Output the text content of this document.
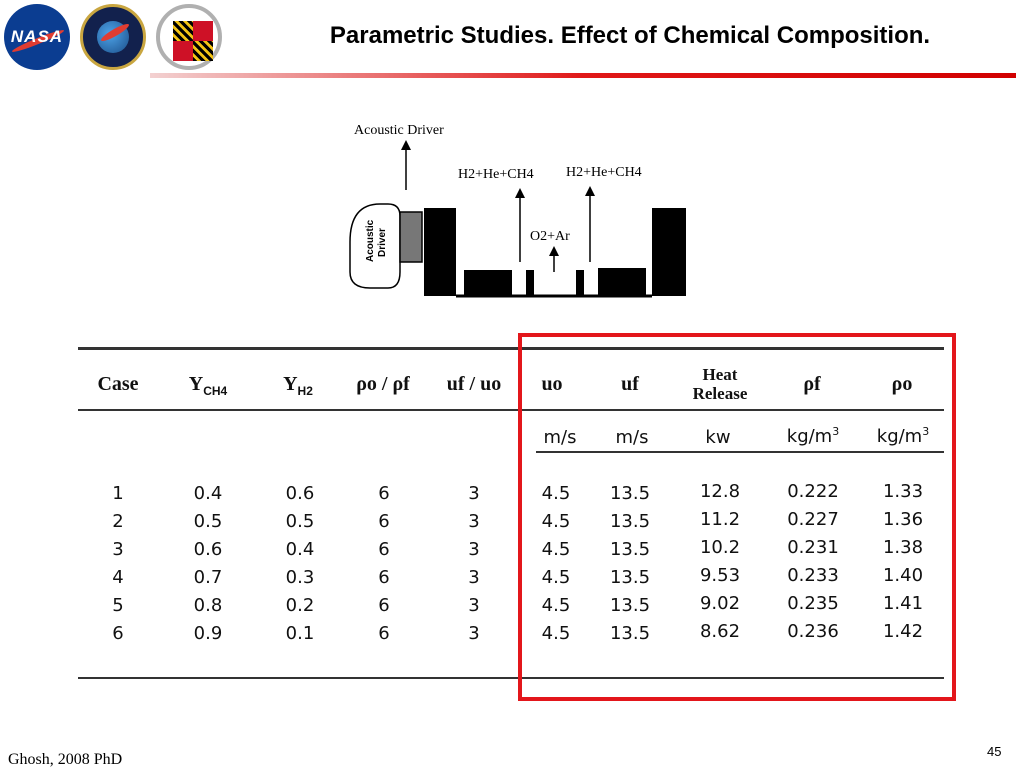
NASA	Parametric Studies. Effect of Chemical Composition.
Acoustic Driver
Acoustic Driver
H2+He+CH4 H2+He+CH4
O2+Ar
Case	$Y_{CH4}$	$Y_{H2}$	ρo / ρf	uf / uo	uo	uf	Heat
Release	ρf	ρo
m/s	m/s	kw	$kg/m^3$	$kg/m^3$
1	0.4	0.6	6	3	4.5	13.5	12.8	0.222	1.33
2	0.5	0.5	6	3	4.5	13.5	11.2	0.227	1.36
3	0.6	0.4	6	3	4.5	13.5	10.2	0.231	1.38
4	0.7	0.3	6	3	4.5	13.5	9.53	0.233	1.40
5	0.8	0.2	6	3	4.5	13.5	9.02	0.235	1.41
6	0.9	0.1	6	3	4.5	13.5	8.62	0.236	1.42
Ghosh, 2008 PhD	45
